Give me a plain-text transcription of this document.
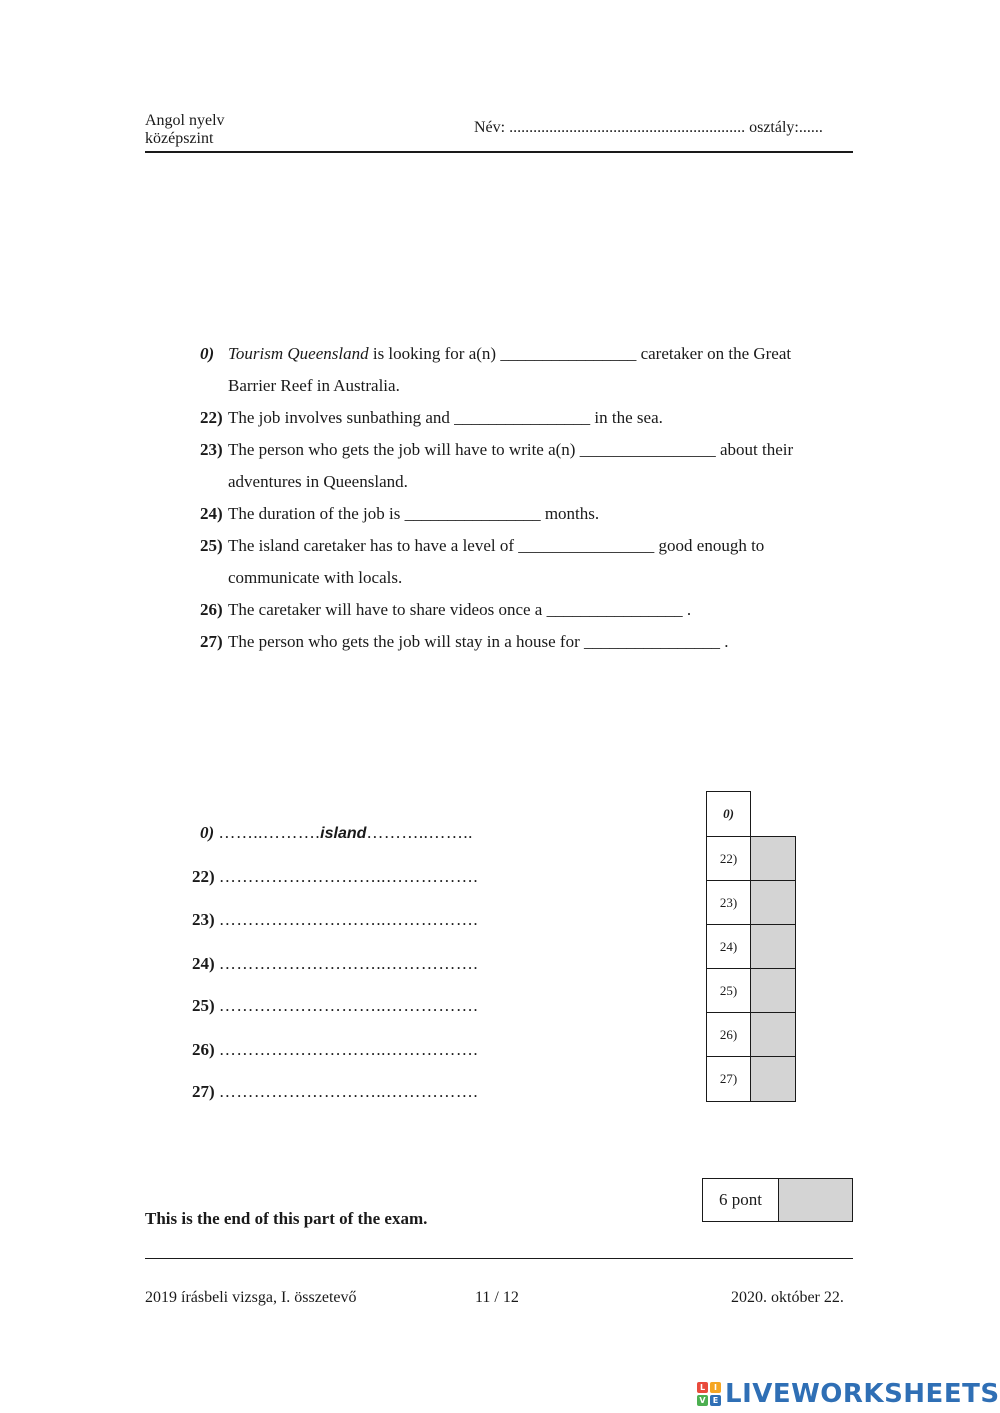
Angol nyelv
középszint
Név: ........................................................... osztály:......
0) Tourism Queensland is looking for a(n) ________________ caretaker on the Great
Barrier Reef in Australia.
22) The job involves sunbathing and ________________ in the sea.
23) The person who gets the job will have to write a(n) ________________ about their
adventures in Queensland.
24) The duration of the job is ________________ months.
25) The island caretaker has to have a level of ________________ good enough to
communicate with locals.
26) The caretaker will have to share videos once a ________________ .
27) The person who gets the job will stay in a house for ________________ .
0) ……..……….island………..……..
22) ………………………..…………….
23) ………………………..…………….
24) ………………………..…………….
25) ………………………..…………….
26) ………………………..…………….
27) ………………………..…………….
0)
22)
23)
24)
25)
26)
27)
6 pont
This is the end of this part of the exam.
2019 írásbeli vizsga, I. összetevő	11 / 12	2020. október 22.
L	I
V E LIVEWORKSHEETS
